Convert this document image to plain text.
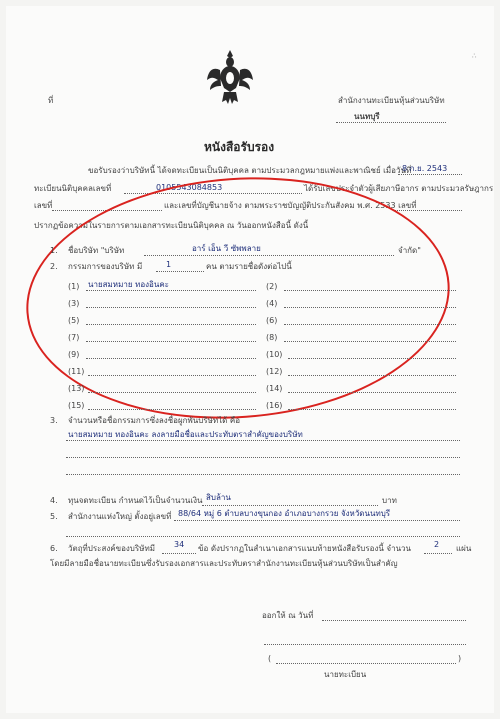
∴
ที่	สำนักงานทะเบียนหุ้นส่วนบริษัท
นนทบุรี
หนังสือรับรอง
ขอรับรองว่าบริษัทนี้ ได้จดทะเบียนเป็นนิติบุคคล ตามประมวลกฎหมายแพ่งและพาณิชย์ เมื่อวันที่
8 ก.ย. 2543
ทะเบียนนิติบุคคลเลขที่	0105543084853	ได้รับเลขประจำตัวผู้เสียภาษีอากร ตามประมวลรัษฎากร
เลขที่	และเลขที่บัญชีนายจ้าง ตามพระราชบัญญัติประกันสังคม พ.ศ. 2533 เลขที่
ปรากฏข้อความในรายการตามเอกสารทะเบียนนิติบุคคล ณ วันออกหนังสือนี้ ดังนี้
1. ชื่อบริษัท "บริษัท	อาร์ เอ็น วี ซัพพลาย	จำกัด"
2. กรรมการของบริษัท มี	1	คน ตามรายชื่อดังต่อไปนี้
(1) นายสมหมาย ทองอินคะ	(2)
(3)	(4)
(5)	(6)
(7)	(8)
(9)	(10)
(11)	(12)
(13)	(14)
(15)	(16)
3. จำนวนหรือชื่อกรรมการซึ่งลงชื่อผูกพันบริษัทได้ คือ
นายสมหมาย ทองอินคะ ลงลายมือชื่อและประทับตราสำคัญของบริษัท
4. ทุนจดทะเบียน กำหนดไว้เป็นจำนวนเงิน สิบล้าน	บาท
5. สำนักงานแห่งใหญ่ ตั้งอยู่เลขที่ 88/64 หมู่ 6 ตำบลบางขุนกอง อำเภอบางกรวย จังหวัดนนทบุรี
6. วัตถุที่ประสงค์ของบริษัทมี 34 ข้อ ดังปรากฏในสำเนาเอกสารแนบท้ายหนังสือรับรองนี้ จำนวน	2 แผ่น
โดยมีลายมือชื่อนายทะเบียนซึ่งรับรองเอกสารและประทับตราสำนักงานทะเบียนหุ้นส่วนบริษัทเป็นสำคัญ
ออกให้ ณ วันที่
(	)
นายทะเบียน
